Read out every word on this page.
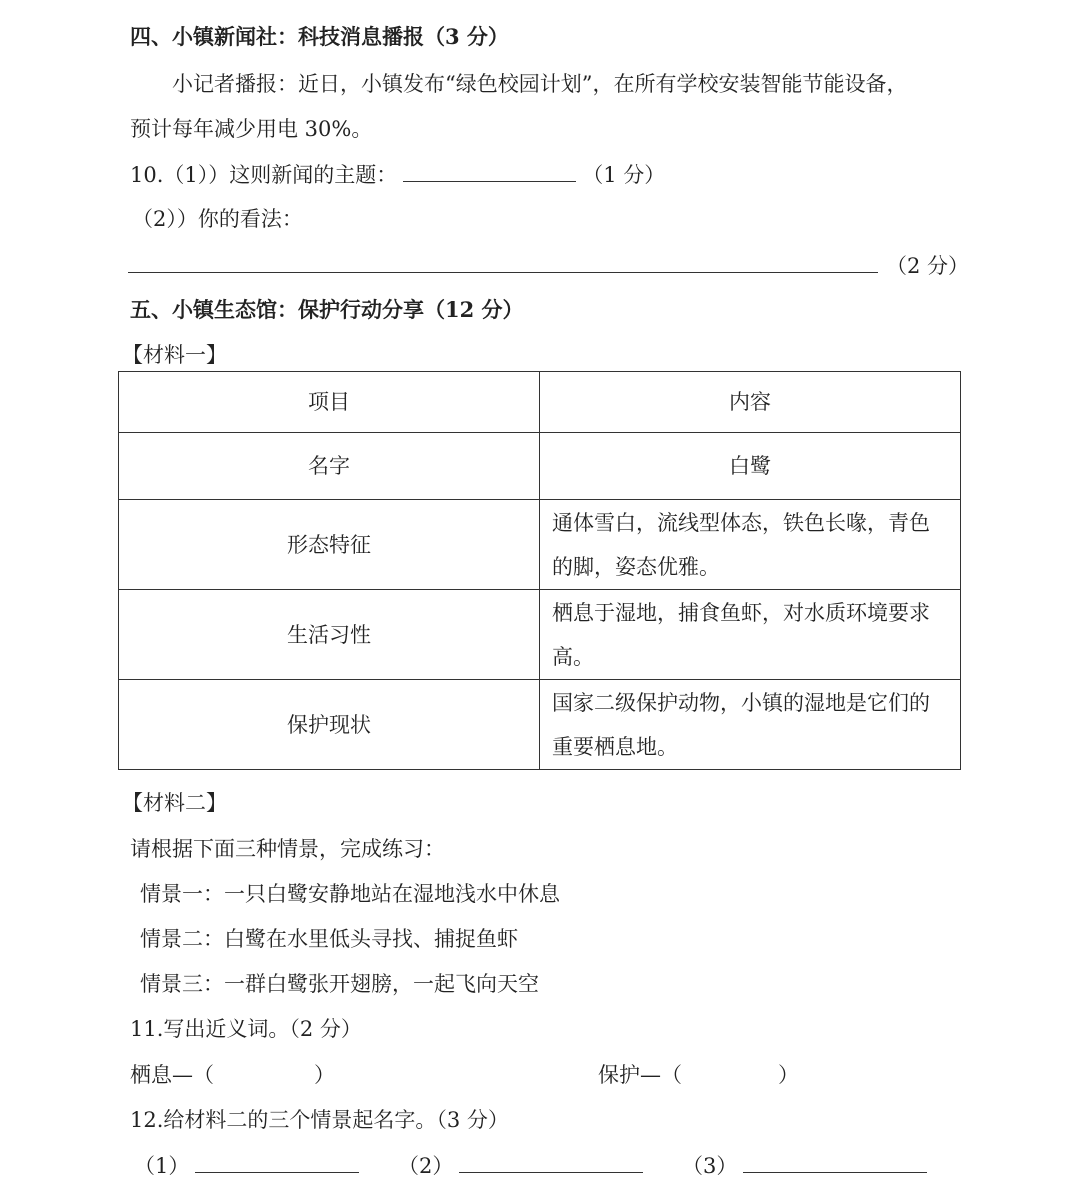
四、小镇新闻社：科技消息播报（3 分）
小记者播报：近日，小镇发布“绿色校园计划”，在所有学校安装智能节能设备，
预计每年减少用电 30%。
10.（1））这则新闻的主题：	（1 分）
（2））你的看法：
（2 分）
五、小镇生态馆：保护行动分享（12 分）
【材料一】
项目	内容
名字	白鹭
形态特征	通体雪白，流线型体态，铁色长喙，青色的脚，姿态优雅。
生活习性	栖息于湿地，捕食鱼虾，对水质环境要求高。
保护现状	国家二级保护动物，小镇的湿地是它们的重要栖息地。
【材料二】
请根据下面三种情景，完成练习：
情景一：一只白鹭安静地站在湿地浅水中休息
情景二：白鹭在水里低头寻找、捕捉鱼虾
情景三：一群白鹭张开翅膀，一起飞向天空
11.写出近义词。（2 分）
栖息—（	）	保护—（	）
12.给材料二的三个情景起名字。（3 分）
（1）	（2）	（3）
